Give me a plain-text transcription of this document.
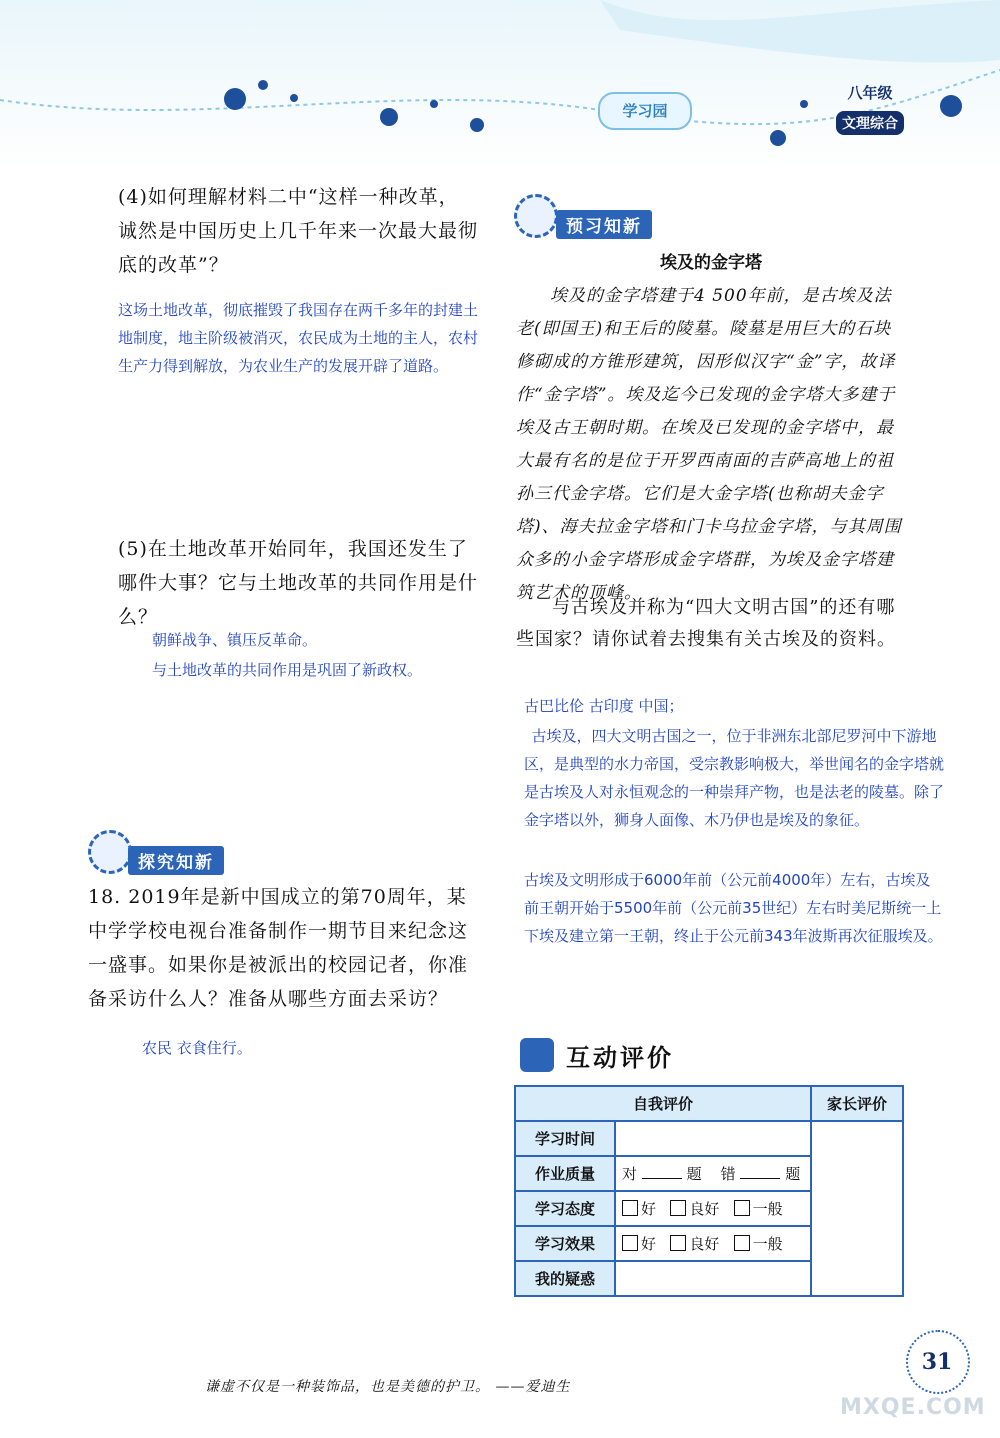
学习园
八年级
文理综合
(4)如何理解材料二中“这样一种改革，诚然是中国历史上几千年来一次最大最彻底的改革”？
这场土地改革，彻底摧毁了我国存在两千多年的封建土地制度，地主阶级被消灭，农民成为土地的主人，农村生产力得到解放，为农业生产的发展开辟了道路。
(5)在土地改革开始同年，我国还发生了哪件大事？它与土地改革的共同作用是什么？
朝鲜战争、镇压反革命。
与土地改革的共同作用是巩固了新政权。
探究知新
18. 2019年是新中国成立的第70周年，某中学学校电视台准备制作一期节目来纪念这一盛事。如果你是被派出的校园记者，你准备采访什么人？准备从哪些方面去采访？
农民 衣食住行。
预习知新
埃及的金字塔
埃及的金字塔建于4 500年前，是古埃及法老(即国王)和王后的陵墓。陵墓是用巨大的石块修砌成的方锥形建筑，因形似汉字“金”字，故译作“金字塔”。埃及迄今已发现的金字塔大多建于埃及古王朝时期。在埃及已发现的金字塔中，最大最有名的是位于开罗西南面的吉萨高地上的祖孙三代金字塔。它们是大金字塔(也称胡夫金字塔)、海夫拉金字塔和门卡乌拉金字塔，与其周围众多的小金字塔形成金字塔群，为埃及金字塔建筑艺术的顶峰。
与古埃及并称为“四大文明古国”的还有哪些国家？请你试着去搜集有关古埃及的资料。
古巴比伦 古印度 中国；
古埃及，四大文明古国之一，位于非洲东北部尼罗河中下游地区，是典型的水力帝国，受宗教影响极大，举世闻名的金字塔就是古埃及人对永恒观念的一种崇拜产物，也是法老的陵墓。除了金字塔以外，狮身人面像、木乃伊也是埃及的象征。
古埃及文明形成于6000年前（公元前4000年）左右，古埃及前王朝开始于5500年前（公元前35世纪）左右时美尼斯统一上下埃及建立第一王朝，终止于公元前343年波斯再次征服埃及。
互动评价
自我评价		家长评价
学习时间		
作业质量	对 题 错 题	
学习态度	好 良好 一般	
学习效果	好 良好 一般	
我的疑惑		
谦虚不仅是一种装饰品，也是美德的护卫。 ——爱迪生
31
MXQE.COM
